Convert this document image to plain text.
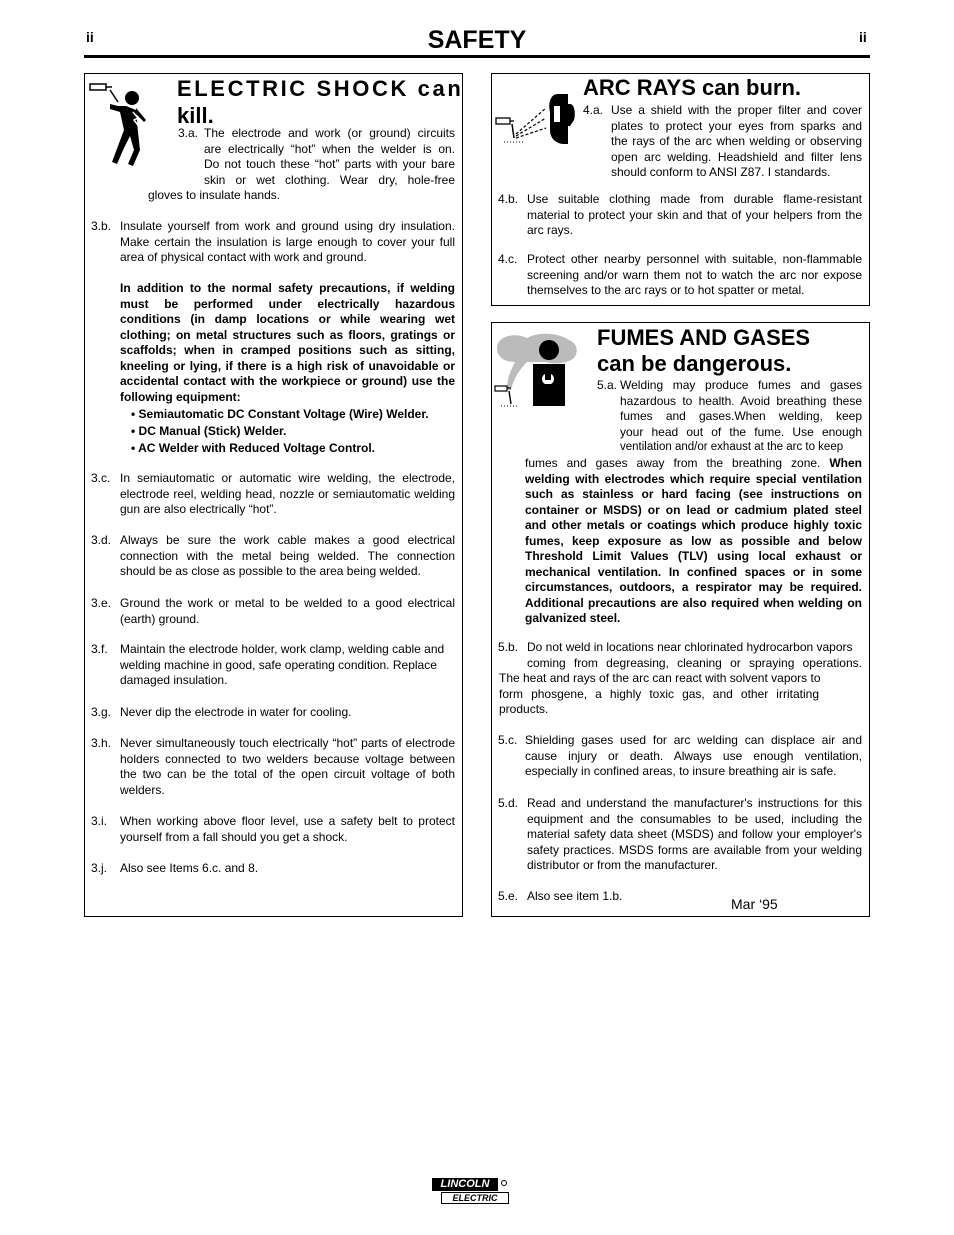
ii	ii
SAFETY
ELECTRIC SHOCK can
kill.
3.a. The electrode and work (or ground) circuits
are electrically “hot” when the welder is on.
Do not touch these “hot” parts with your bare
skin or wet clothing. Wear dry, hole-free
gloves to insulate hands.
3.b. Insulate yourself from work and ground using dry insulation. Make certain the insulation is large enough to cover your full area of physical contact with work and ground.
In addition to the normal safety precautions, if welding must be performed under electrically hazardous conditions (in damp locations or while wearing wet clothing; on metal structures such as floors, gratings or scaffolds; when in cramped positions such as sitting, kneeling or lying, if there is a high risk of unavoidable or accidental contact with the workpiece or ground) use the following equipment:
• Semiautomatic DC Constant Voltage (Wire) Welder.
• DC Manual (Stick) Welder.
• AC Welder with Reduced Voltage Control.
3.c. In semiautomatic or automatic wire welding, the electrode, electrode reel, welding head, nozzle or semiautomatic welding gun are also electrically “hot”.
3.d. Always be sure the work cable makes a good electrical connection with the metal being welded. The connection should be as close as possible to the area being welded.
3.e. Ground the work or metal to be welded to a good electrical (earth) ground.
3.f. Maintain the electrode holder, work clamp, welding cable and welding machine in good, safe operating condition. Replace damaged insulation.
3.g. Never dip the electrode in water for cooling.
3.h. Never simultaneously touch electrically “hot” parts of electrode holders connected to two welders because voltage between the two can be the total of the open circuit voltage of both welders.
3.i. When working above floor level, use a safety belt to protect yourself from a fall should you get a shock.
3.j. Also see Items 6.c. and 8.
ARC RAYS can burn.
4.a. Use a shield with the proper filter and cover
plates to protect your eyes from sparks and
the rays of the arc when welding or observing
open arc welding. Headshield and filter lens
should conform to ANSI Z87. I standards.
4.b. Use suitable clothing made from durable flame-resistant material to protect your skin and that of your helpers from the arc rays.
4.c. Protect other nearby personnel with suitable, non-flammable screening and/or warn them not to watch the arc nor expose themselves to the arc rays or to hot spatter or metal.
FUMES AND GASES
can be dangerous.
5.a. Welding may produce fumes and gases
hazardous to health. Avoid breathing these
fumes and gases.When welding, keep
your head out of the fume. Use enough
ventilation and/or exhaust at the arc to keep
fumes and gases away from the breathing zone. When welding with electrodes which require special ventilation such as stainless or hard facing (see instructions on container or MSDS) or on lead or cadmium plated steel and other metals or coatings which produce highly toxic fumes, keep exposure as low as possible and below Threshold Limit Values (TLV) using local exhaust or mechanical ventilation. In confined spaces or in some circumstances, outdoors, a respirator may be required. Additional precautions are also required when welding on galvanized steel.
5.b. Do not weld in locations near chlorinated hydrocarbon vapors
coming from degreasing, cleaning or spraying operations.
The heat and rays of the arc can react with solvent vapors to
form phosgene, a highly toxic gas, and other irritating
products.
5.c. Shielding gases used for arc welding can displace air and cause injury or death. Always use enough ventilation, especially in confined areas, to insure breathing air is safe.
5.d. Read and understand the manufacturer's instructions for this equipment and the consumables to be used, including the material safety data sheet (MSDS) and follow your employer's safety practices. MSDS forms are available from your welding distributor or from the manufacturer.
5.e. Also see item 1.b.	Mar ‘95
LINCOLN
ELECTRIC
